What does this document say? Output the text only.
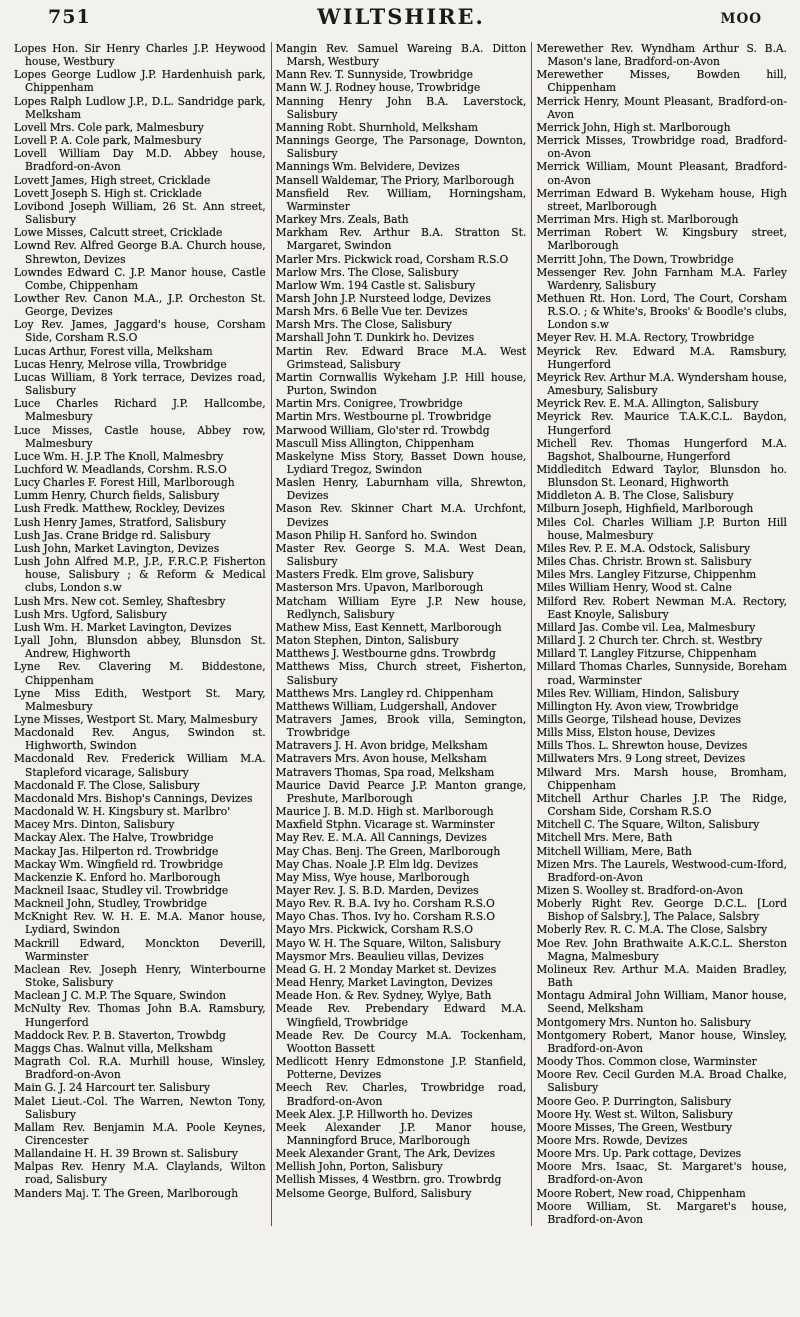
751	WILTSHIRE.	MOO

Lopes Hon. Sir Henry Charles J.P. Heywood house, Westbury

Lopes George Ludlow J.P. Hardenhuish park, Chippenham

Lopes Ralph Ludlow J.P., D.L. Sandridge park, Melksham

Lovell Mrs. Cole park, Malmesbury

Lovell P. A. Cole park, Malmesbury

Lovell William Day M.D. Abbey house, Bradford-on-Avon

Lovett James, High street, Cricklade

Lovett Joseph S. High st. Cricklade

Lovibond Joseph William, 26 St. Ann street, Salisbury

Lowe Misses, Calcutt street, Cricklade

Lownd Rev. Alfred George B.A. Church house, Shrewton, Devizes

Lowndes Edward C. J.P. Manor house, Castle Combe, Chippenham

Lowther Rev. Canon M.A., J.P. Orcheston St. George, Devizes

Loy Rev. James, Jaggard's house, Corsham Side, Corsham R.S.O

Lucas Arthur, Forest villa, Melksham

Lucas Henry, Melrose villa, Trowbridge

Lucas William, 8 York terrace, Devizes road, Salisbury

Luce Charles Richard J.P. Hallcombe, Malmesbury

Luce Misses, Castle house, Abbey row, Malmesbury

Luce Wm. H. J.P. The Knoll, Malmesbry

Luchford W. Meadlands, Corshm. R.S.O

Lucy Charles F. Forest Hill, Marlborough

Lumm Henry, Church fields, Salisbury

Lush Fredk. Matthew, Rockley, Devizes

Lush Henry James, Stratford, Salisbury

Lush Jas. Crane Bridge rd. Salisbury

Lush John, Market Lavington, Devizes

Lush John Alfred M.P., J.P., F.R.C.P. Fisherton house, Salisbury ; & Reform & Medical clubs, London s.w

Lush Mrs. New cot. Semley, Shaftesbry

Lush Mrs. Ugford, Salisbury

Lush Wm. H. Market Lavington, Devizes

Lyall John, Blunsdon abbey, Blunsdon St. Andrew, Highworth

Lyne Rev. Clavering M. Biddestone, Chippenham

Lyne Miss Edith, Westport St. Mary, Malmesbury

Lyne Misses, Westport St. Mary, Malmesbury

Macdonald Rev. Angus, Swindon st. Highworth, Swindon

Macdonald Rev. Frederick William M.A. Stapleford vicarage, Salisbury

Macdonald F. The Close, Salisbury

Macdonald Mrs. Bishop's Cannings, Devizes

Macdonald W. H. Kingsbury st. Marlbro'

Macey Mrs. Dinton, Salisbury

Mackay Alex. The Halve, Trowbridge

Mackay Jas. Hilperton rd. Trowbridge

Mackay Wm. Wingfield rd. Trowbridge

Mackenzie K. Enford ho. Marlborough

Mackneil Isaac, Studley vil. Trowbridge

Mackneil John, Studley, Trowbridge

McKnight Rev. W. H. E. M.A. Manor house, Lydiard, Swindon

Mackrill Edward, Monckton Deverill, Warminster

Maclean Rev. Joseph Henry, Winterbourne Stoke, Salisbury

Maclean J C. M.P. The Square, Swindon

McNulty Rev. Thomas John B.A. Ramsbury, Hungerford

Maddock Rev. P. B. Staverton, Trowbdg

Maggs Chas. Walnut villa, Melksham

Magrath Col. R.A. Murhill house, Winsley, Bradford-on-Avon

Main G. J. 24 Harcourt ter. Salisbury

Malet Lieut.-Col. The Warren, Newton Tony, Salisbury

Mallam Rev. Benjamin M.A. Poole Keynes, Cirencester

Mallandaine H. H. 39 Brown st. Salisbury

Malpas Rev. Henry M.A. Claylands, Wilton road, Salisbury

Manders Maj. T. The Green, Marlborough

Mangin Rev. Samuel Wareing B.A. Ditton Marsh, Westbury

Mann Rev. T. Sunnyside, Trowbridge

Mann W. J. Rodney house, Trowbridge

Manning Henry John B.A. Laverstock, Salisbury

Manning Robt. Shurnhold, Melksham

Mannings George, The Parsonage, Downton, Salisbury

Mannings Wm. Belvidere, Devizes

Mansell Waldemar, The Priory, Marlborough

Mansfield Rev. William, Horningsham, Warminster

Markey Mrs. Zeals, Bath

Markham Rev. Arthur B.A. Stratton St. Margaret, Swindon

Marler Mrs. Pickwick road, Corsham R.S.O

Marlow Mrs. The Close, Salisbury

Marlow Wm. 194 Castle st. Salisbury

Marsh John J.P. Nursteed lodge, Devizes

Marsh Mrs. 6 Belle Vue ter. Devizes

Marsh Mrs. The Close, Salisbury

Marshall John T. Dunkirk ho. Devizes

Martin Rev. Edward Brace M.A. West Grimstead, Salisbury

Martin Cornwallis Wykeham J.P. Hill house, Purton, Swindon

Martin Mrs. Conigree, Trowbridge

Martin Mrs. Westbourne pl. Trowbridge

Marwood William, Glo'ster rd. Trowbdg

Mascull Miss Allington, Chippenham

Maskelyne Miss Story, Basset Down house, Lydiard Tregoz, Swindon

Maslen Henry, Laburnham villa, Shrewton, Devizes

Mason Rev. Skinner Chart M.A. Urchfont, Devizes

Mason Philip H. Sanford ho. Swindon

Master Rev. George S. M.A. West Dean, Salisbury

Masters Fredk. Elm grove, Salisbury

Masterson Mrs. Upavon, Marlborough

Matcham William Eyre J.P. New house, Redlynch, Salisbury

Mathew Miss, East Kennett, Marlborough

Maton Stephen, Dinton, Salisbury

Matthews J. Westbourne gdns. Trowbrdg

Matthews Miss, Church street, Fisherton, Salisbury

Matthews Mrs. Langley rd. Chippenham

Matthews William, Ludgershall, Andover

Matravers James, Brook villa, Semington, Trowbridge

Matravers J. H. Avon bridge, Melksham

Matravers Mrs. Avon house, Melksham

Matravers Thomas, Spa road, Melksham

Maurice David Pearce J.P. Manton grange, Preshute, Marlborough

Maurice J. B. M.D. High st. Marlborough

Maxfield Stphn. Vicarage st. Warminster

May Rev. E. M.A. All Cannings, Devizes

May Chas. Benj. The Green, Marlborough

May Chas. Noale J.P. Elm ldg. Devizes

May Miss, Wye house, Marlborough

Mayer Rev. J. S. B.D. Marden, Devizes

Mayo Rev. R. B.A. Ivy ho. Corsham R.S.O

Mayo Chas. Thos. Ivy ho. Corsham R.S.O

Mayo Mrs. Pickwick, Corsham R.S.O

Mayo W. H. The Square, Wilton, Salisbury

Maysmor Mrs. Beaulieu villas, Devizes

Mead G. H. 2 Monday Market st. Devizes

Mead Henry, Market Lavington, Devizes

Meade Hon. & Rev. Sydney, Wylye, Bath

Meade Rev. Prebendary Edward M.A. Wingfield, Trowbridge

Meade Rev. De Courcy M.A. Tockenham, Wootton Bassett

Medlicott Henry Edmonstone J.P. Stanfield, Potterne, Devizes

Meech Rev. Charles, Trowbridge road, Bradford-on-Avon

Meek Alex. J.P. Hillworth ho. Devizes

Meek Alexander J.P. Manor house, Manningford Bruce, Marlborough

Meek Alexander Grant, The Ark, Devizes

Mellish John, Porton, Salisbury

Mellish Misses, 4 Westbrn. gro. Trowbrdg

Melsome George, Bulford, Salisbury

Merewether Rev. Wyndham Arthur S. B.A. Mason's lane, Bradford-on-Avon

Merewether Misses, Bowden hill, Chippenham

Merrick Henry, Mount Pleasant, Bradford-on-Avon

Merrick John, High st. Marlborough

Merrick Misses, Trowbridge road, Bradford-on-Avon

Merrick William, Mount Pleasant, Bradford-on-Avon

Merriman Edward B. Wykeham house, High street, Marlborough

Merriman Mrs. High st. Marlborough

Merriman Robert W. Kingsbury street, Marlborough

Merritt John, The Down, Trowbridge

Messenger Rev. John Farnham M.A. Farley Wardenry, Salisbury

Methuen Rt. Hon. Lord, The Court, Corsham R.S.O. ; & White's, Brooks' & Boodle's clubs, London s.w

Meyer Rev. H. M.A. Rectory, Trowbridge

Meyrick Rev. Edward M.A. Ramsbury, Hungerford

Meyrick Rev. Arthur M.A. Wyndersham house, Amesbury, Salisbury

Meyrick Rev. E. M.A. Allington, Salisbury

Meyrick Rev. Maurice T.A.K.C.L. Baydon, Hungerford

Michell Rev. Thomas Hungerford M.A. Bagshot, Shalbourne, Hungerford

Middleditch Edward Taylor, Blunsdon ho. Blunsdon St. Leonard, Highworth

Middleton A. B. The Close, Salisbury

Milburn Joseph, Highfield, Marlborough

Miles Col. Charles William J.P. Burton Hill house, Malmesbury

Miles Rev. P. E. M.A. Odstock, Salisbury

Miles Chas. Christr. Brown st. Salisbury

Miles Mrs. Langley Fitzurse, Chippenhm

Miles William Henry, Wood st. Calne

Milford Rev. Robert Newman M.A. Rectory, East Knoyle, Salisbury

Millard Jas. Combe vil. Lea, Malmesbury

Millard J. 2 Church ter. Chrch. st. Westbry

Millard T. Langley Fitzurse, Chippenham

Millard Thomas Charles, Sunnyside, Boreham road, Warminster

Miles Rev. William, Hindon, Salisbury

Millington Hy. Avon view, Trowbridge

Mills George, Tilshead house, Devizes

Mills Miss, Elston house, Devizes

Mills Thos. L. Shrewton house, Devizes

Millwaters Mrs. 9 Long street, Devizes

Milward Mrs. Marsh house, Bromham, Chippenham

Mitchell Arthur Charles J.P. The Ridge, Corsham Side, Corsham R.S.O

Mitchell C. The Square, Wilton, Salisbury

Mitchell Mrs. Mere, Bath

Mitchell William, Mere, Bath

Mizen Mrs. The Laurels, Westwood-cum-Iford, Bradford-on-Avon

Mizen S. Woolley st. Bradford-on-Avon

Moberly Right Rev. George D.C.L. [Lord Bishop of Salsbry.], The Palace, Salsbry

Moberly Rev. R. C. M.A. The Close, Salsbry

Moe Rev. John Brathwaite A.K.C.L. Sherston Magna, Malmesbury

Molineux Rev. Arthur M.A. Maiden Bradley, Bath

Montagu Admiral John William, Manor house, Seend, Melksham

Montgomery Mrs. Nunton ho. Salisbury

Montgomery Robert, Manor house, Winsley, Bradford-on-Avon

Moody Thos. Common close, Warminster

Moore Rev. Cecil Gurden M.A. Broad Chalke, Salisbury

Moore Geo. P. Durrington, Salisbury

Moore Hy. West st. Wilton, Salisbury

Moore Misses, The Green, Westbury

Moore Mrs. Rowde, Devizes

Moore Mrs. Up. Park cottage, Devizes

Moore Mrs. Isaac, St. Margaret's house, Bradford-on-Avon

Moore Robert, New road, Chippenham

Moore William, St. Margaret's house, Bradford-on-Avon
